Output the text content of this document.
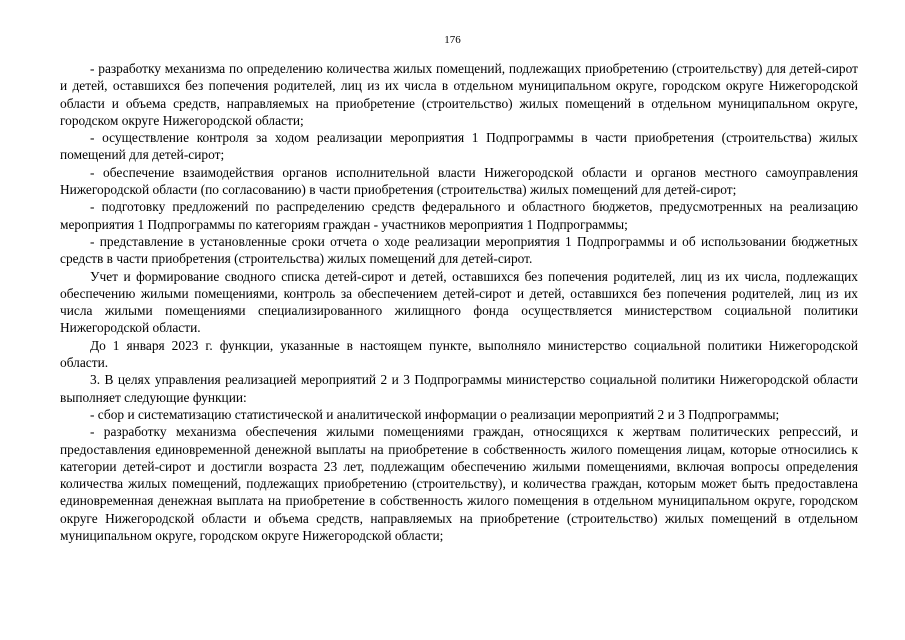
176

- разработку механизма по определению количества жилых помещений, подлежащих приобретению (строительству) для детей-сирот и детей, оставшихся без попечения родителей, лиц из их числа в отдельном муниципальном округе, городском округе Нижегородской области и объема средств, направляемых на приобретение (строительство) жилых помещений в отдельном муниципальном округе, городском округе Нижегородской области;

- осуществление контроля за ходом реализации мероприятия 1 Подпрограммы в части приобретения (строительства) жилых помещений для детей-сирот;

- обеспечение взаимодействия органов исполнительной власти Нижегородской области и органов местного самоуправления Нижегородской области (по согласованию) в части приобретения (строительства) жилых помещений для детей-сирот;

- подготовку предложений по распределению средств федерального и областного бюджетов, предусмотренных на реализацию мероприятия 1 Подпрограммы по категориям граждан - участников мероприятия 1 Подпрограммы;

- представление в установленные сроки отчета о ходе реализации мероприятия 1 Подпрограммы и об использовании бюджетных средств в части приобретения (строительства) жилых помещений для детей-сирот.

Учет и формирование сводного списка детей-сирот и детей, оставшихся без попечения родителей, лиц из их числа, подлежащих обеспечению жилыми помещениями, контроль за обеспечением детей-сирот и детей, оставшихся без попечения родителей, лиц из их числа жилыми помещениями специализированного жилищного фонда осуществляется министерством социальной политики Нижегородской области.

До 1 января 2023 г. функции, указанные в настоящем пункте, выполняло министерство социальной политики Нижегородской области.

3. В целях управления реализацией мероприятий 2 и 3 Подпрограммы министерство социальной политики Нижегородской области выполняет следующие функции:

- сбор и систематизацию статистической и аналитической информации о реализации мероприятий 2 и 3 Подпрограммы;

- разработку механизма обеспечения жилыми помещениями граждан, относящихся к жертвам политических репрессий, и предоставления единовременной денежной выплаты на приобретение в собственность жилого помещения лицам, которые относились к категории детей-сирот и достигли возраста 23 лет, подлежащим обеспечению жилыми помещениями, включая вопросы определения количества жилых помещений, подлежащих приобретению (строительству), и количества граждан, которым может быть предоставлена единовременная денежная выплата на приобретение в собственность жилого помещения в отдельном муниципальном округе, городском округе Нижегородской области и объема средств, направляемых на приобретение (строительство) жилых помещений в отдельном муниципальном округе, городском округе Нижегородской области;
